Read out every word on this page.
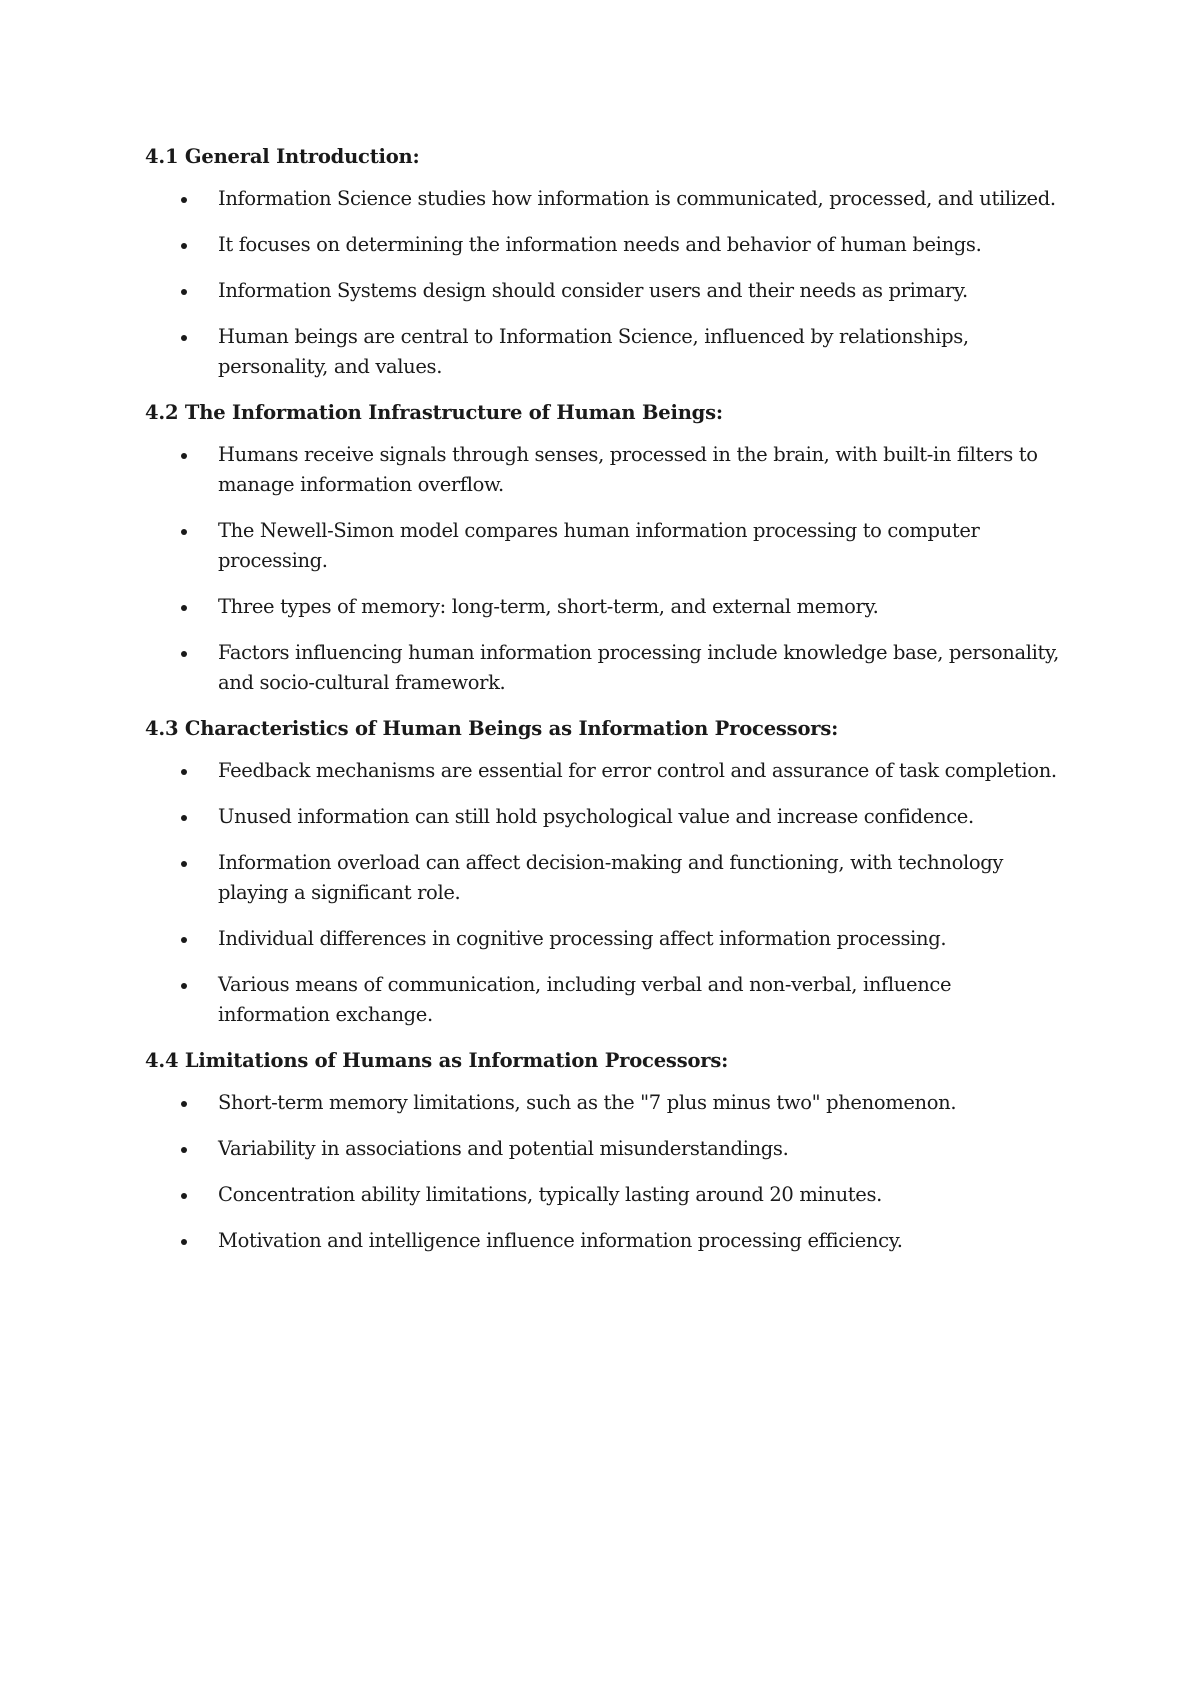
4.1 General Introduction:
Information Science studies how information is communicated, processed, and utilized.
It focuses on determining the information needs and behavior of human beings.
Information Systems design should consider users and their needs as primary.
Human beings are central to Information Science, influenced by relationships, personality, and values.
4.2 The Information Infrastructure of Human Beings:
Humans receive signals through senses, processed in the brain, with built-in filters to manage information overflow.
The Newell-Simon model compares human information processing to computer processing.
Three types of memory: long-term, short-term, and external memory.
Factors influencing human information processing include knowledge base, personality, and socio-cultural framework.
4.3 Characteristics of Human Beings as Information Processors:
Feedback mechanisms are essential for error control and assurance of task completion.
Unused information can still hold psychological value and increase confidence.
Information overload can affect decision-making and functioning, with technology playing a significant role.
Individual differences in cognitive processing affect information processing.
Various means of communication, including verbal and non-verbal, influence information exchange.
4.4 Limitations of Humans as Information Processors:
Short-term memory limitations, such as the "7 plus minus two" phenomenon.
Variability in associations and potential misunderstandings.
Concentration ability limitations, typically lasting around 20 minutes.
Motivation and intelligence influence information processing efficiency.
